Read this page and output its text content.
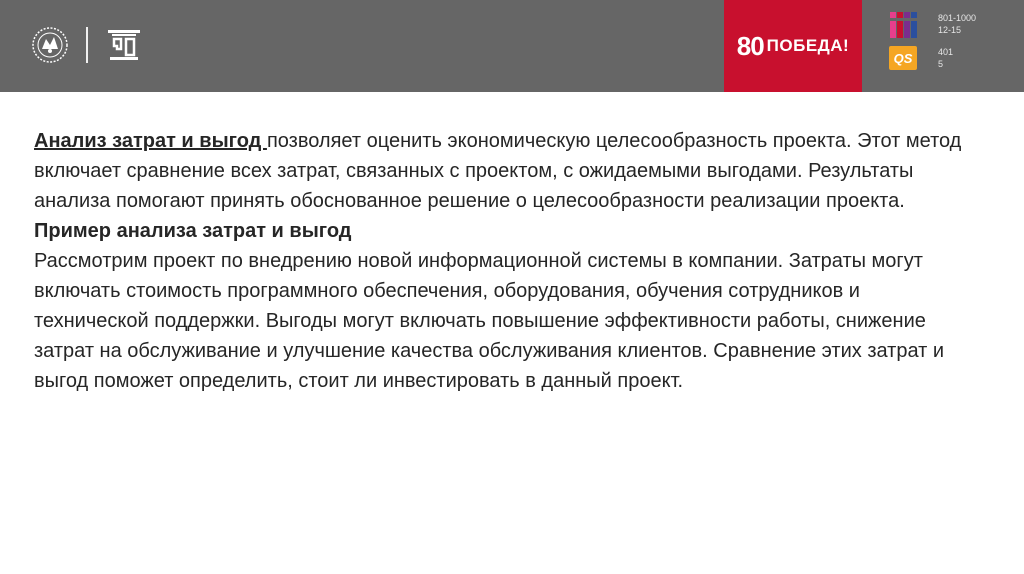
80 ПОБЕДА!
801-1000
12-15
QS	401
5

Анализ затрат и выгод позволяет оценить экономическую целесообразность проекта. Этот метод включает сравнение всех затрат, связанных с проектом, с ожидаемыми выгодами. Результаты анализа помогают принять обоснованное решение о целесообразности реализации проекта.

Пример анализа затрат и выгод

Рассмотрим проект по внедрению новой информационной системы в компании. Затраты могут включать стоимость программного обеспечения, оборудования, обучения сотрудников и технической поддержки. Выгоды могут включать повышение эффективности работы, снижение затрат на обслуживание и улучшение качества обслуживания клиентов. Сравнение этих затрат и выгод поможет определить, стоит ли инвестировать в данный проект.
